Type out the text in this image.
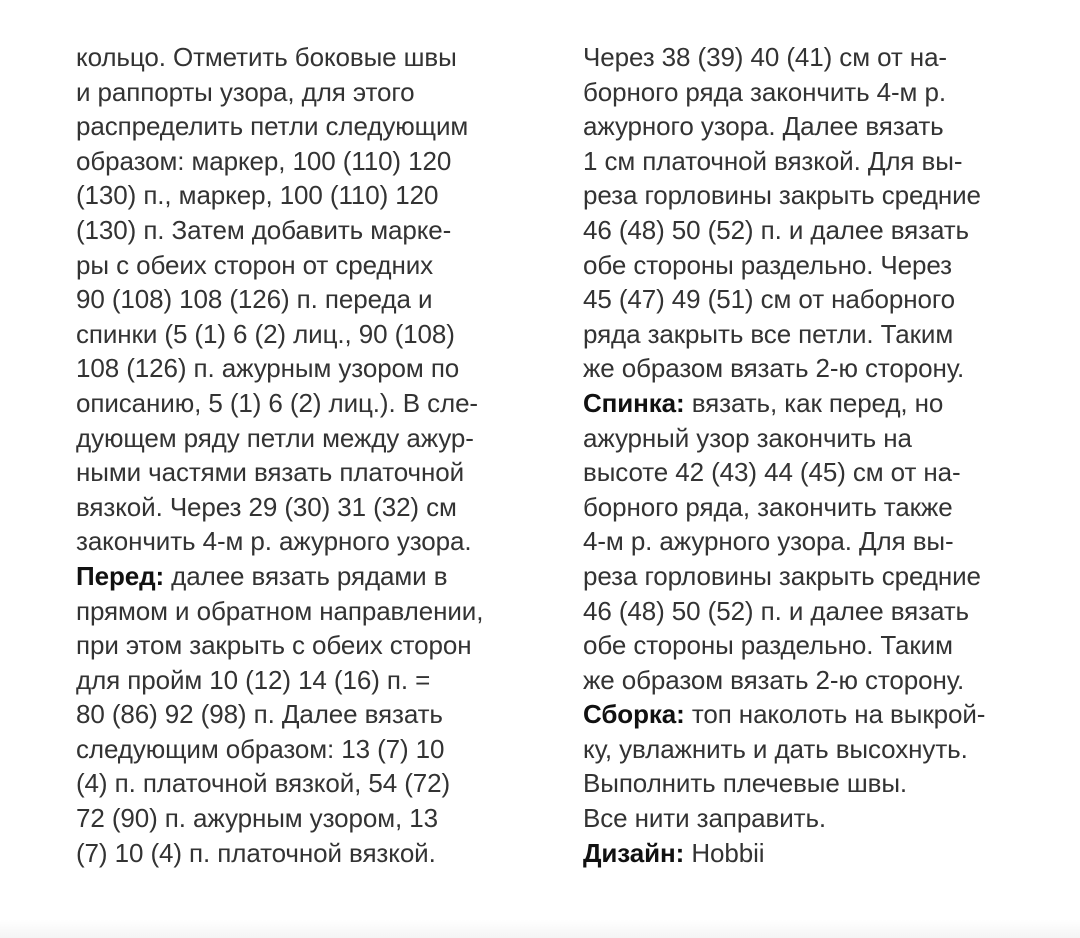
кольцо. Отметить боковые швы
и раппорты узора, для этого
распределить петли следующим
образом: маркер, 100 (110) 120
(130) п., маркер, 100 (110) 120
(130) п. Затем добавить марке-
ры с обеих сторон от средних
90 (108) 108 (126) п. переда и
спинки (5 (1) 6 (2) лиц., 90 (108)
108 (126) п. ажурным узором по
описанию, 5 (1) 6 (2) лиц.). В сле-
дующем ряду петли между ажур-
ными частями вязать платочной
вязкой. Через 29 (30) 31 (32) см
закончить 4-м р. ажурного узора.
Перед: далее вязать рядами в
прямом и обратном направлении,
при этом закрыть с обеих сторон
для пройм 10 (12) 14 (16) п. =
80 (86) 92 (98) п. Далее вязать
следующим образом: 13 (7) 10
(4) п. платочной вязкой, 54 (72)
72 (90) п. ажурным узором, 13
(7) 10 (4) п. платочной вязкой.
Через 38 (39) 40 (41) см от на-
борного ряда закончить 4-м р.
ажурного узора. Далее вязать
1 см платочной вязкой. Для вы-
реза горловины закрыть средние
46 (48) 50 (52) п. и далее вязать
обе стороны раздельно. Через
45 (47) 49 (51) см от наборного
ряда закрыть все петли. Таким
же образом вязать 2-ю сторону.
Спинка: вязать, как перед, но
ажурный узор закончить на
высоте 42 (43) 44 (45) см от на-
борного ряда, закончить также
4-м р. ажурного узора. Для вы-
реза горловины закрыть средние
46 (48) 50 (52) п. и далее вязать
обе стороны раздельно. Таким
же образом вязать 2-ю сторону.
Сборка: топ наколоть на выкрой-
ку, увлажнить и дать высохнуть.
Выполнить плечевые швы.
Все нити заправить.
Дизайн: Hobbii
